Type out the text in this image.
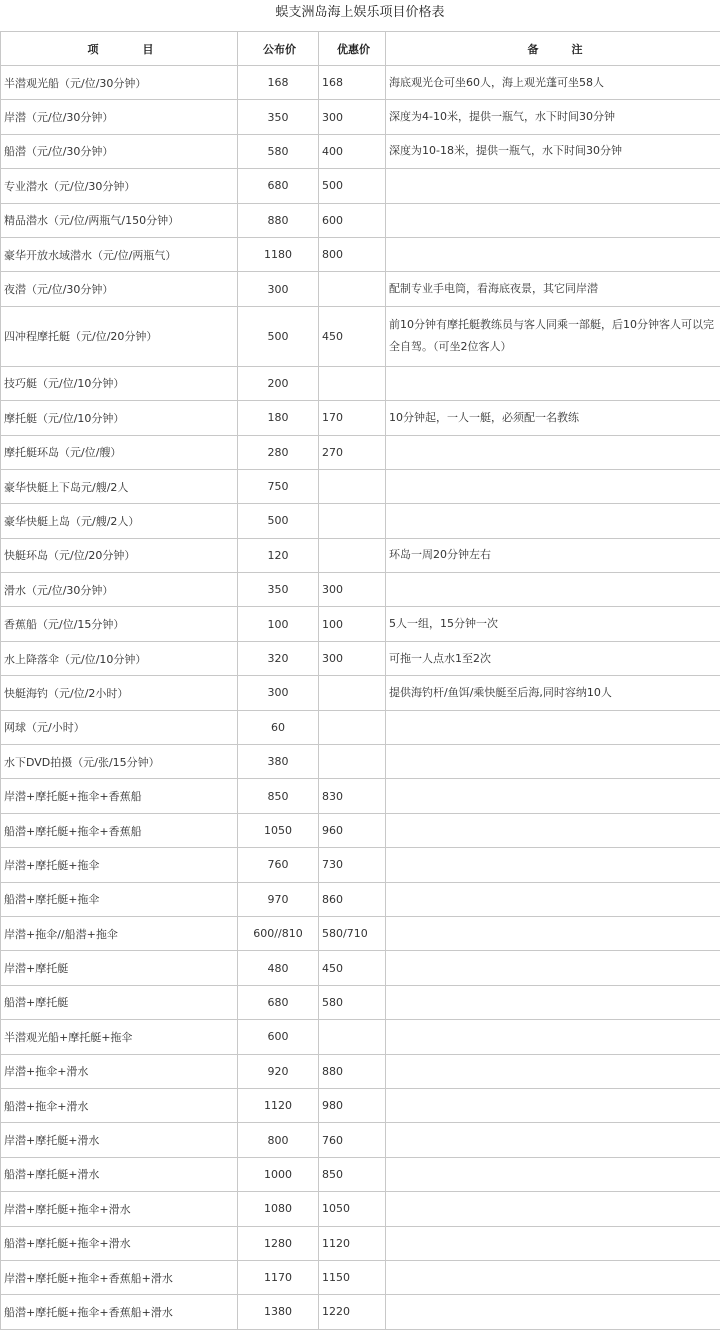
蜈支洲岛海上娱乐项目价格表
项　　　　目	公布价	优惠价	备　　　注
半潜观光船（元/位/30分钟）	168	168	海底观光仓可坐60人，海上观光蓬可坐58人
岸潜（元/位/30分钟）	350	300	深度为4-10米，提供一瓶气，水下时间30分钟
船潜（元/位/30分钟）	580	400	深度为10-18米，提供一瓶气，水下时间30分钟
专业潜水（元/位/30分钟）	680	500	
精品潜水（元/位/两瓶气/150分钟）	880	600	
豪华开放水域潜水（元/位/两瓶气）	1180	800	
夜潜（元/位/30分钟）	300		配制专业手电筒，看海底夜景，其它同岸潜
四冲程摩托艇（元/位/20分钟）	500	450	前10分钟有摩托艇教练员与客人同乘一部艇，后10分钟客人可以完全自驾。（可坐2位客人）
技巧艇（元/位/10分钟）	200		
摩托艇（元/位/10分钟）	180	170	10分钟起，一人一艇，必须配一名教练
摩托艇环岛（元/位/艘）	280	270	
豪华快艇上下岛元/艘/2人	750		
豪华快艇上岛（元/艘/2人）	500		
快艇环岛（元/位/20分钟）	120		环岛一周20分钟左右
滑水（元/位/30分钟）	350	300	
香蕉船（元/位/15分钟）	100	100	5人一组，15分钟一次
水上降落伞（元/位/10分钟）	320	300	可拖一人点水1至2次
快艇海钓（元/位/2小时）	300		提供海钓杆/鱼饵/乘快艇至后海,同时容纳10人
网球（元/小时）	60		
水下DVD拍摄（元/张/15分钟）	380		
岸潜+摩托艇+拖伞+香蕉船	850	830	
船潜+摩托艇+拖伞+香蕉船	1050	960	
岸潜+摩托艇+拖伞	760	730	
船潜+摩托艇+拖伞	970	860	
岸潜+拖伞//船潜+拖伞	600//810	580/710	
岸潜+摩托艇	480	450	
船潜+摩托艇	680	580	
半潜观光船+摩托艇+拖伞	600		
岸潜+拖伞+滑水	920	880	
船潜+拖伞+滑水	1120	980	
岸潜+摩托艇+滑水	800	760	
船潜+摩托艇+滑水	1000	850	
岸潜+摩托艇+拖伞+滑水	1080	1050	
船潜+摩托艇+拖伞+滑水	1280	1120	
岸潜+摩托艇+拖伞+香蕉船+滑水	1170	1150	
船潜+摩托艇+拖伞+香蕉船+滑水	1380	1220	
